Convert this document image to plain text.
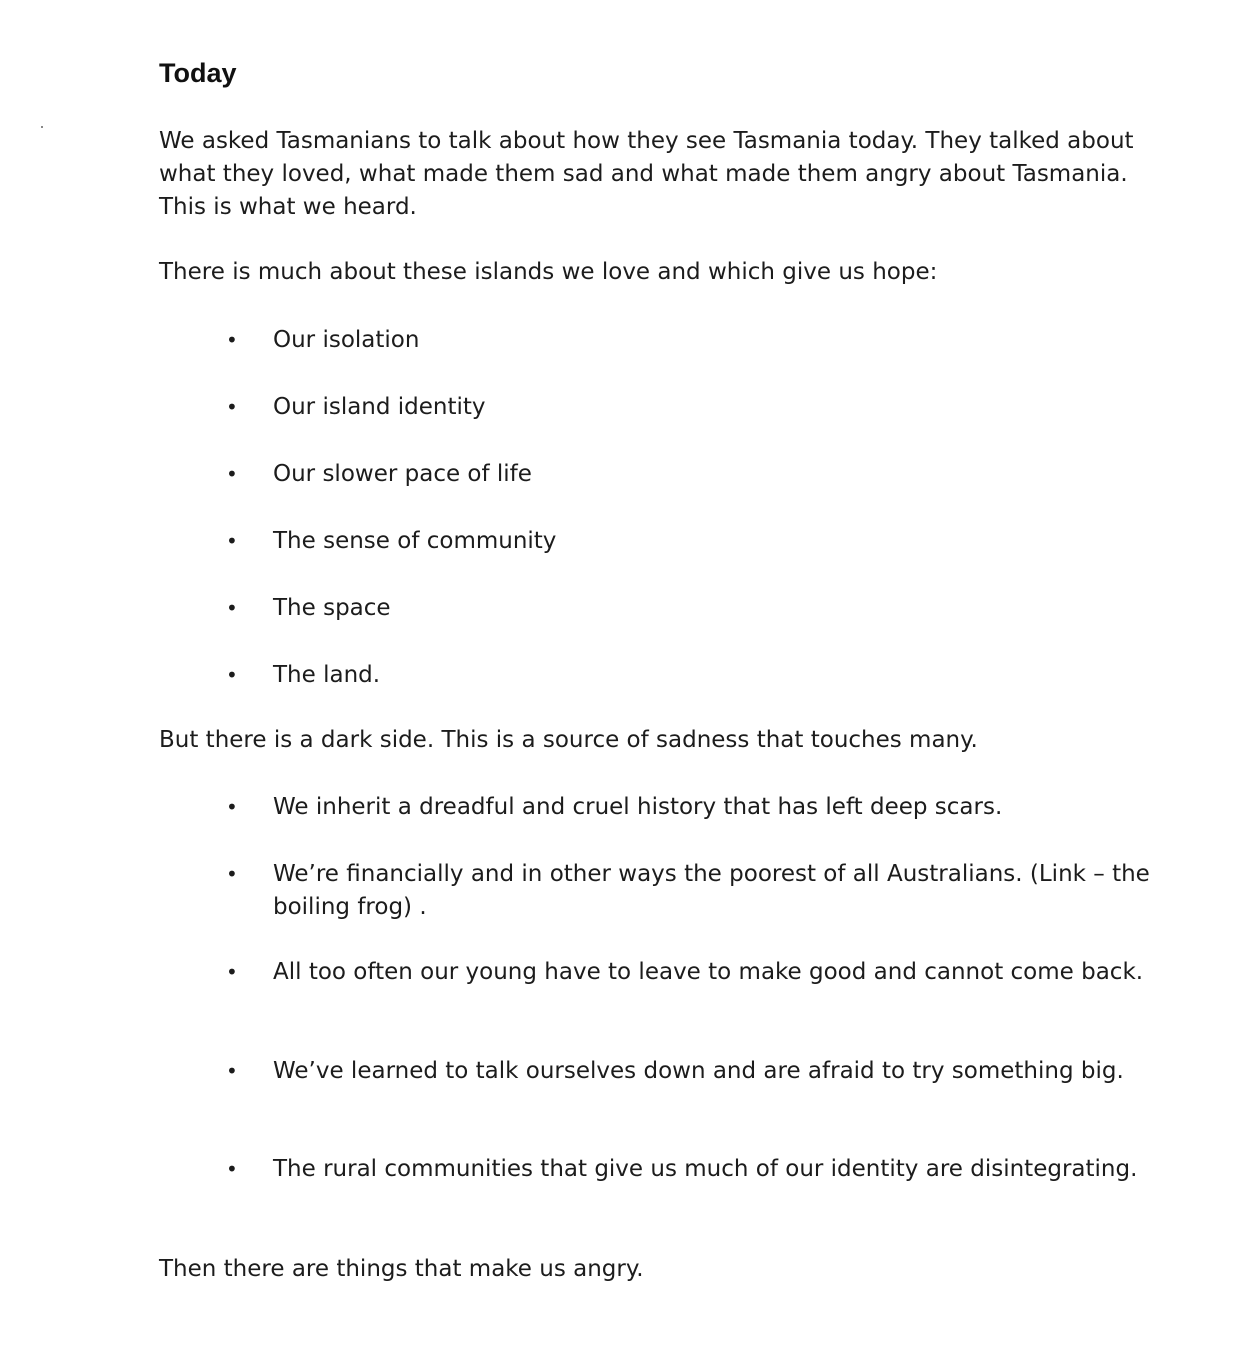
Today

We asked Tasmanians to talk about how they see Tasmania today. They talked about what they loved, what made them sad and what made them angry about Tasmania. This is what we heard.

There is much about these islands we love and which give us hope:

•	Our isolation
•	Our island identity
•	Our slower pace of life
•	The sense of community
•	The space
•	The land.

But there is a dark side. This is a source of sadness that touches many.

•	We inherit a dreadful and cruel history that has left deep scars.
•	We’re financially and in other ways the poorest of all Australians. (Link – the boiling frog) .
•	All too often our young have to leave to make good and cannot come back.
•	We’ve learned to talk ourselves down and are afraid to try something big.
•	The rural communities that give us much of our identity are disintegrating.

Then there are things that make us angry.
